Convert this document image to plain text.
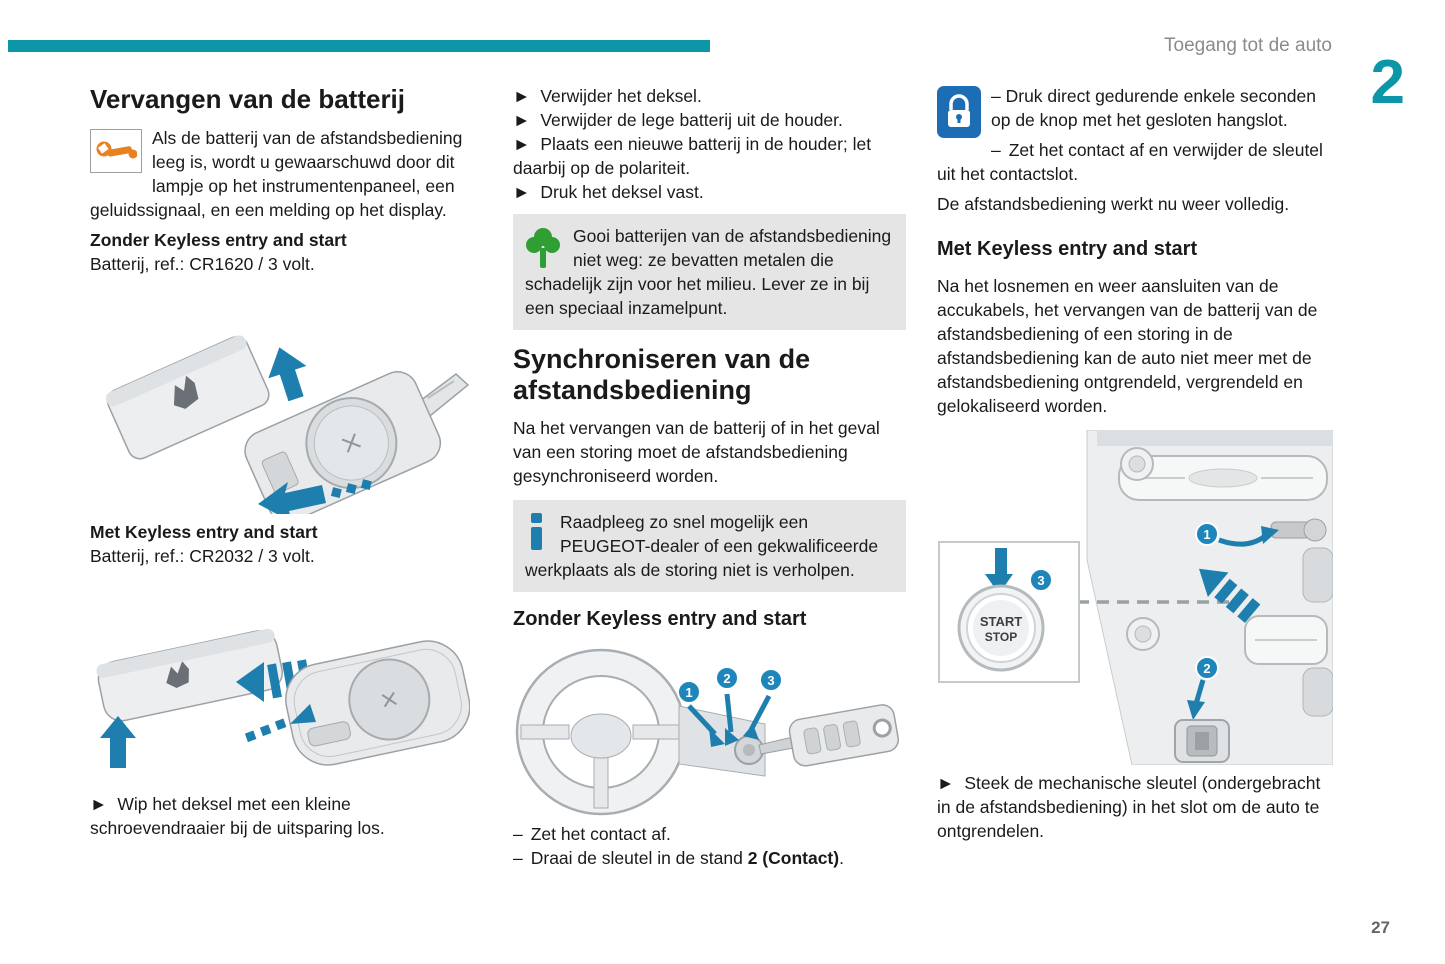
Toegang tot de auto
2
27
Vervangen van de batterij
Als de batterij van de afstandsbediening leeg is, wordt u gewaarschuwd door dit lampje op het instrumentenpaneel, een geluidssignaal, en een melding op het display.

Zonder Keyless entry and start

Batterij, ref.: CR1620 / 3 volt.

Met Keyless entry and start

Batterij, ref.: CR2032 / 3 volt.

► Wip het deksel met een kleine schroevendraaier bij de uitsparing los.

► Verwijder het deksel.

► Verwijder de lege batterij uit de houder.

► Plaats een nieuwe batterij in de houder; let daarbij op de polariteit.

► Druk het deksel vast.

Gooi batterijen van de afstandsbediening niet weg: ze bevatten metalen die schadelijk zijn voor het milieu. Lever ze in bij een speciaal inzamelpunt.
Synchroniseren van de afstandsbediening

Na het vervangen van de batterij of in het geval van een storing moet de afstandsbediening gesynchroniseerd worden.

Raadpleeg zo snel mogelijk een PEUGEOT-dealer of een gekwalificeerde werkplaats als de storing niet is verholpen.
Zonder Keyless entry and start
1
2	3

– Zet het contact af.

– Draai de sleutel in de stand 2 (Contact).

– Druk direct gedurende enkele seconden op de knop met het gesloten hangslot.

– Zet het contact af en verwijder de sleutel uit het contactslot.

De afstandsbediening werkt nu weer volledig.

Met Keyless entry and start

Na het losnemen en weer aansluiten van de accukabels, het vervangen van de batterij van de afstandsbediening of een storing in de afstandsbediening kan de auto niet meer met de afstandsbediening ontgrendeld, vergrendeld en gelokaliseerd worden.

1
2
3
START
STOP

► Steek de mechanische sleutel (ondergebracht in de afstandsbediening) in het slot om de auto te ontgrendelen.
